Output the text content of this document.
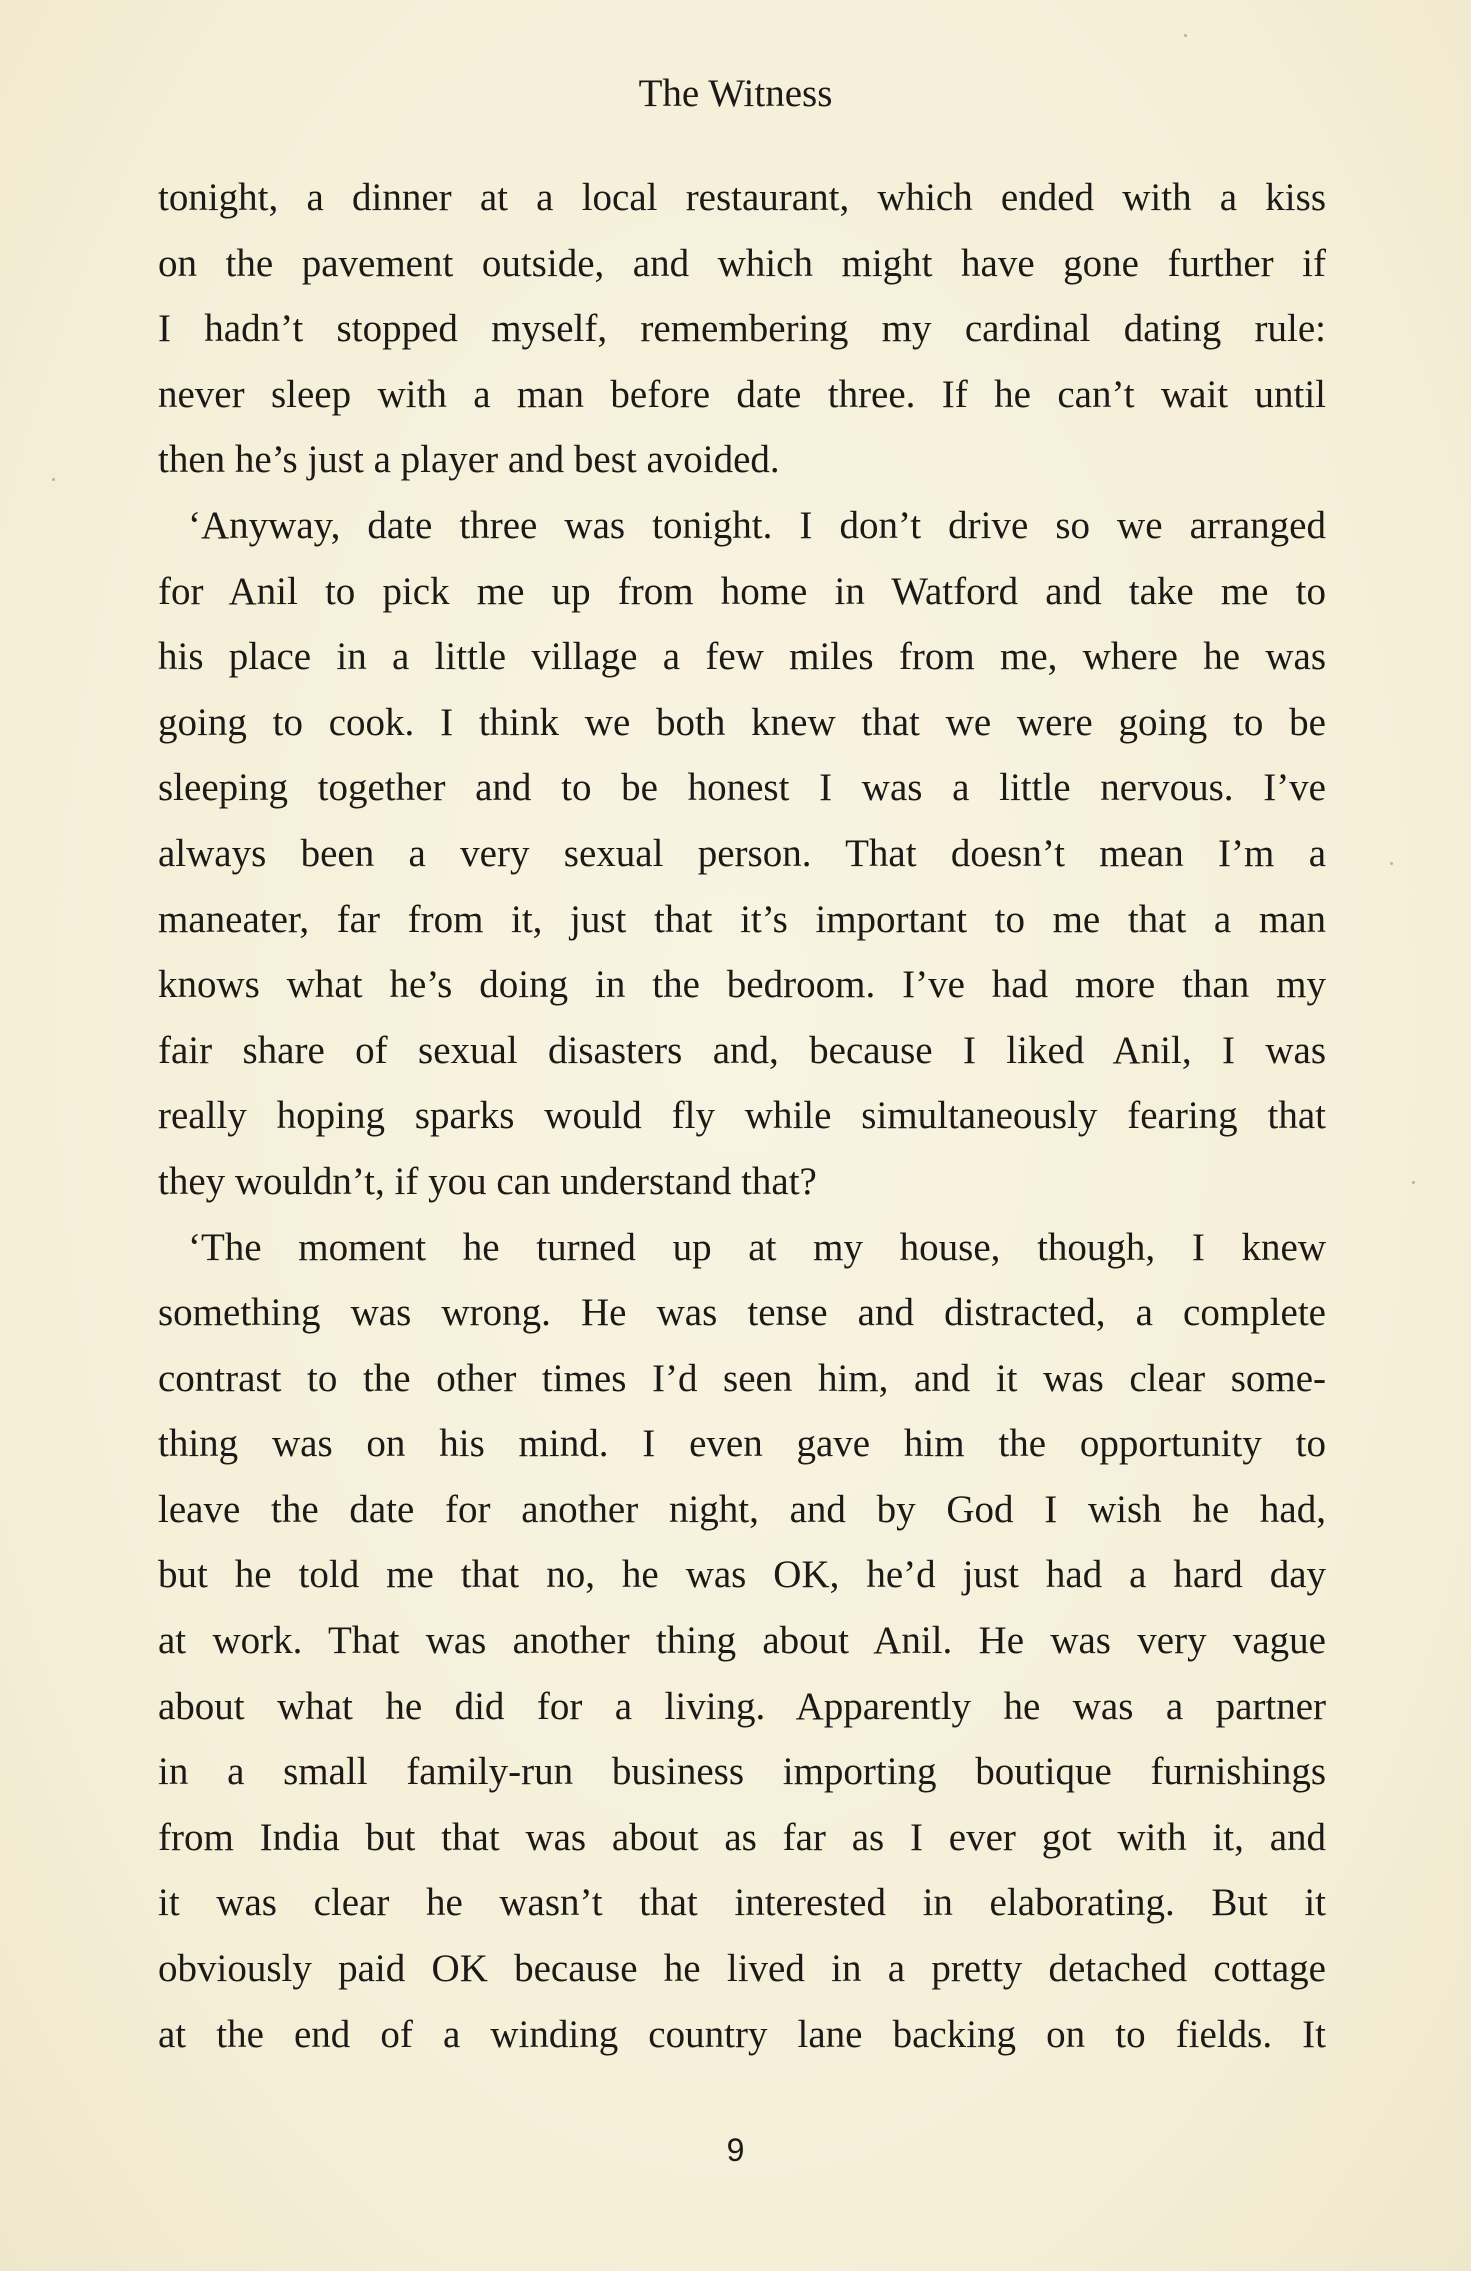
The Witness
tonight, a dinner at a local restaurant, which ended with a kiss
on the pavement outside, and which might have gone further if
I hadn’t stopped myself, remembering my cardinal dating rule:
never sleep with a man before date three. If he can’t wait until
then he’s just a player and best avoided.
‘Anyway, date three was tonight. I don’t drive so we arranged
for Anil to pick me up from home in Watford and take me to
his place in a little village a few miles from me, where he was
going to cook. I think we both knew that we were going to be
sleeping together and to be honest I was a little nervous. I’ve
always been a very sexual person. That doesn’t mean I’m a
maneater, far from it, just that it’s important to me that a man
knows what he’s doing in the bedroom. I’ve had more than my
fair share of sexual disasters and, because I liked Anil, I was
really hoping sparks would fly while simultaneously fearing that
they wouldn’t, if you can understand that?
‘The moment he turned up at my house, though, I knew
something was wrong. He was tense and distracted, a complete
contrast to the other times I’d seen him, and it was clear some-
thing was on his mind. I even gave him the opportunity to
leave the date for another night, and by God I wish he had,
but he told me that no, he was OK, he’d just had a hard day
at work. That was another thing about Anil. He was very vague
about what he did for a living. Apparently he was a partner
in a small family-run business importing boutique furnishings
from India but that was about as far as I ever got with it, and
it was clear he wasn’t that interested in elaborating. But it
obviously paid OK because he lived in a pretty detached cottage
at the end of a winding country lane backing on to fields. It
9
